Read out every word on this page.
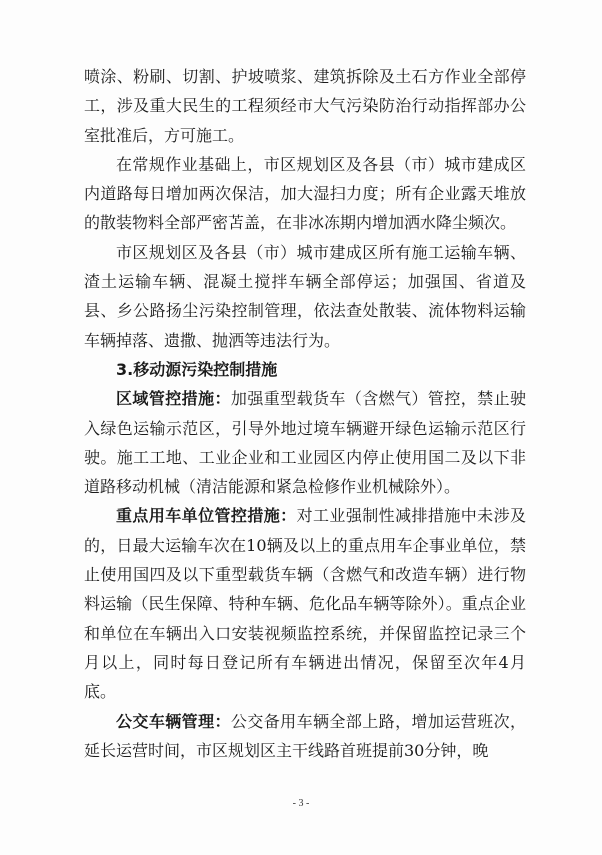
喷涂、粉刷、切割、护坡喷浆、建筑拆除及土石方作业全部停工，涉及重大民生的工程须经市大气污染防治行动指挥部办公室批准后，方可施工。

在常规作业基础上，市区规划区及各县（市）城市建成区内道路每日增加两次保洁，加大湿扫力度；所有企业露天堆放的散装物料全部严密苫盖，在非冰冻期内增加洒水降尘频次。

市区规划区及各县（市）城市建成区所有施工运输车辆、渣土运输车辆、混凝土搅拌车辆全部停运；加强国、省道及县、乡公路扬尘污染控制管理，依法查处散装、流体物料运输车辆掉落、遗撒、抛洒等违法行为。

3.移动源污染控制措施

区域管控措施：加强重型载货车（含燃气）管控，禁止驶入绿色运输示范区，引导外地过境车辆避开绿色运输示范区行驶。施工工地、工业企业和工业园区内停止使用国二及以下非道路移动机械（清洁能源和紧急检修作业机械除外）。

重点用车单位管控措施：对工业强制性减排措施中未涉及的，日最大运输车次在10辆及以上的重点用车企事业单位，禁止使用国四及以下重型载货车辆（含燃气和改造车辆）进行物料运输（民生保障、特种车辆、危化品车辆等除外）。重点企业和单位在车辆出入口安装视频监控系统，并保留监控记录三个月以上，同时每日登记所有车辆进出情况，保留至次年4月底。

公交车辆管理：公交备用车辆全部上路，增加运营班次，延长运营时间，市区规划区主干线路首班提前30分钟，晚

- 3 -
